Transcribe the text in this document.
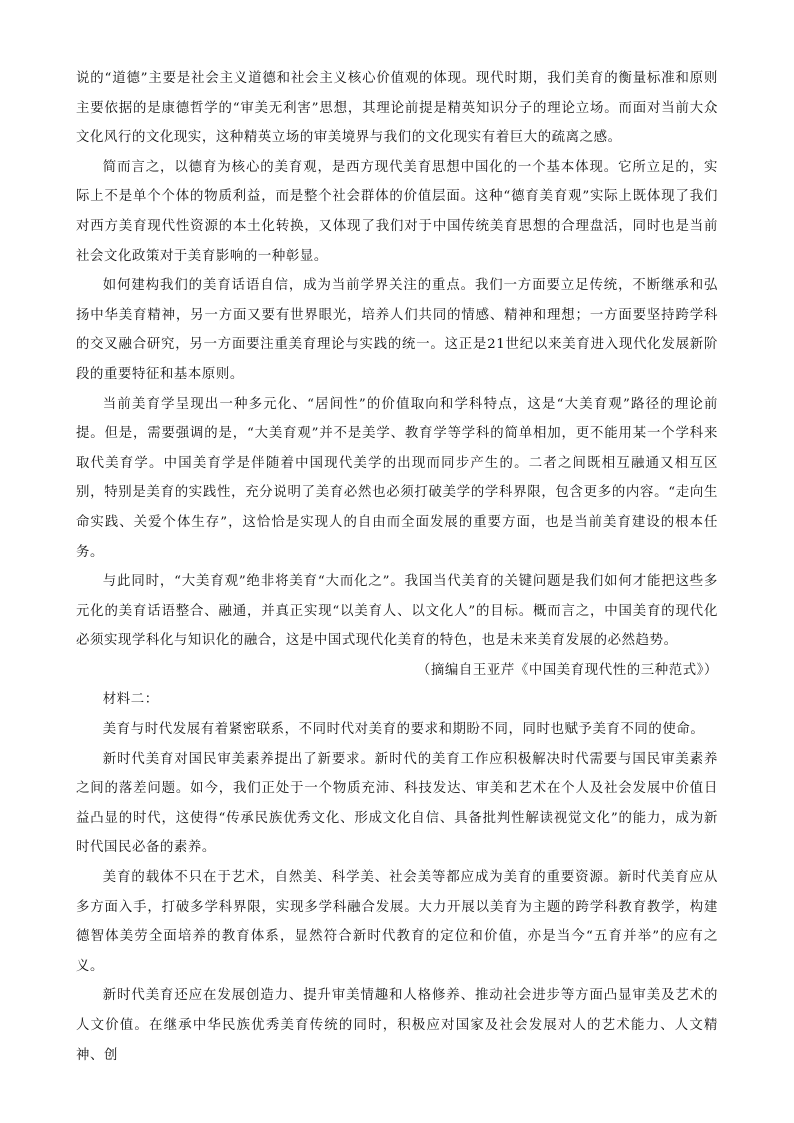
说的“道德”主要是社会主义道德和社会主义核心价值观的体现。现代时期，我们美育的衡量标准和原则主要依据的是康德哲学的“审美无利害”思想，其理论前提是精英知识分子的理论立场。而面对当前大众文化风行的文化现实，这种精英立场的审美境界与我们的文化现实有着巨大的疏离之感。

简而言之，以德育为核心的美育观，是西方现代美育思想中国化的一个基本体现。它所立足的，实际上不是单个个体的物质利益，而是整个社会群体的价值层面。这种“德育美育观”实际上既体现了我们对西方美育现代性资源的本土化转换，又体现了我们对于中国传统美育思想的合理盘活，同时也是当前社会文化政策对于美育影响的一种彰显。

如何建构我们的美育话语自信，成为当前学界关注的重点。我们一方面要立足传统，不断继承和弘扬中华美育精神，另一方面又要有世界眼光，培养人们共同的情感、精神和理想；一方面要坚持跨学科的交叉融合研究，另一方面要注重美育理论与实践的统一。这正是21世纪以来美育进入现代化发展新阶段的重要特征和基本原则。

当前美育学呈现出一种多元化、“居间性”的价值取向和学科特点，这是“大美育观”路径的理论前提。但是，需要强调的是，“大美育观”并不是美学、教育学等学科的简单相加，更不能用某一个学科来取代美育学。中国美育学是伴随着中国现代美学的出现而同步产生的。二者之间既相互融通又相互区别，特别是美育的实践性，充分说明了美育必然也必须打破美学的学科界限，包含更多的内容。“走向生命实践、关爱个体生存”，这恰恰是实现人的自由而全面发展的重要方面，也是当前美育建设的根本任务。

与此同时，“大美育观”绝非将美育“大而化之”。我国当代美育的关键问题是我们如何才能把这些多元化的美育话语整合、融通，并真正实现“以美育人、以文化人”的目标。概而言之，中国美育的现代化必须实现学科化与知识化的融合，这是中国式现代化美育的特色，也是未来美育发展的必然趋势。

（摘编自王亚芹《中国美育现代性的三种范式》）

材料二：

美育与时代发展有着紧密联系，不同时代对美育的要求和期盼不同，同时也赋予美育不同的使命。

新时代美育对国民审美素养提出了新要求。新时代的美育工作应积极解决时代需要与国民审美素养之间的落差问题。如今，我们正处于一个物质充沛、科技发达、审美和艺术在个人及社会发展中价值日益凸显的时代，这使得“传承民族优秀文化、形成文化自信、具备批判性解读视觉文化”的能力，成为新时代国民必备的素养。

美育的载体不只在于艺术，自然美、科学美、社会美等都应成为美育的重要资源。新时代美育应从多方面入手，打破多学科界限，实现多学科融合发展。大力开展以美育为主题的跨学科教育教学，构建德智体美劳全面培养的教育体系，显然符合新时代教育的定位和价值，亦是当今“五育并举”的应有之义。

新时代美育还应在发展创造力、提升审美情趣和人格修养、推动社会进步等方面凸显审美及艺术的人文价值。在继承中华民族优秀美育传统的同时，积极应对国家及社会发展对人的艺术能力、人文精神、创
